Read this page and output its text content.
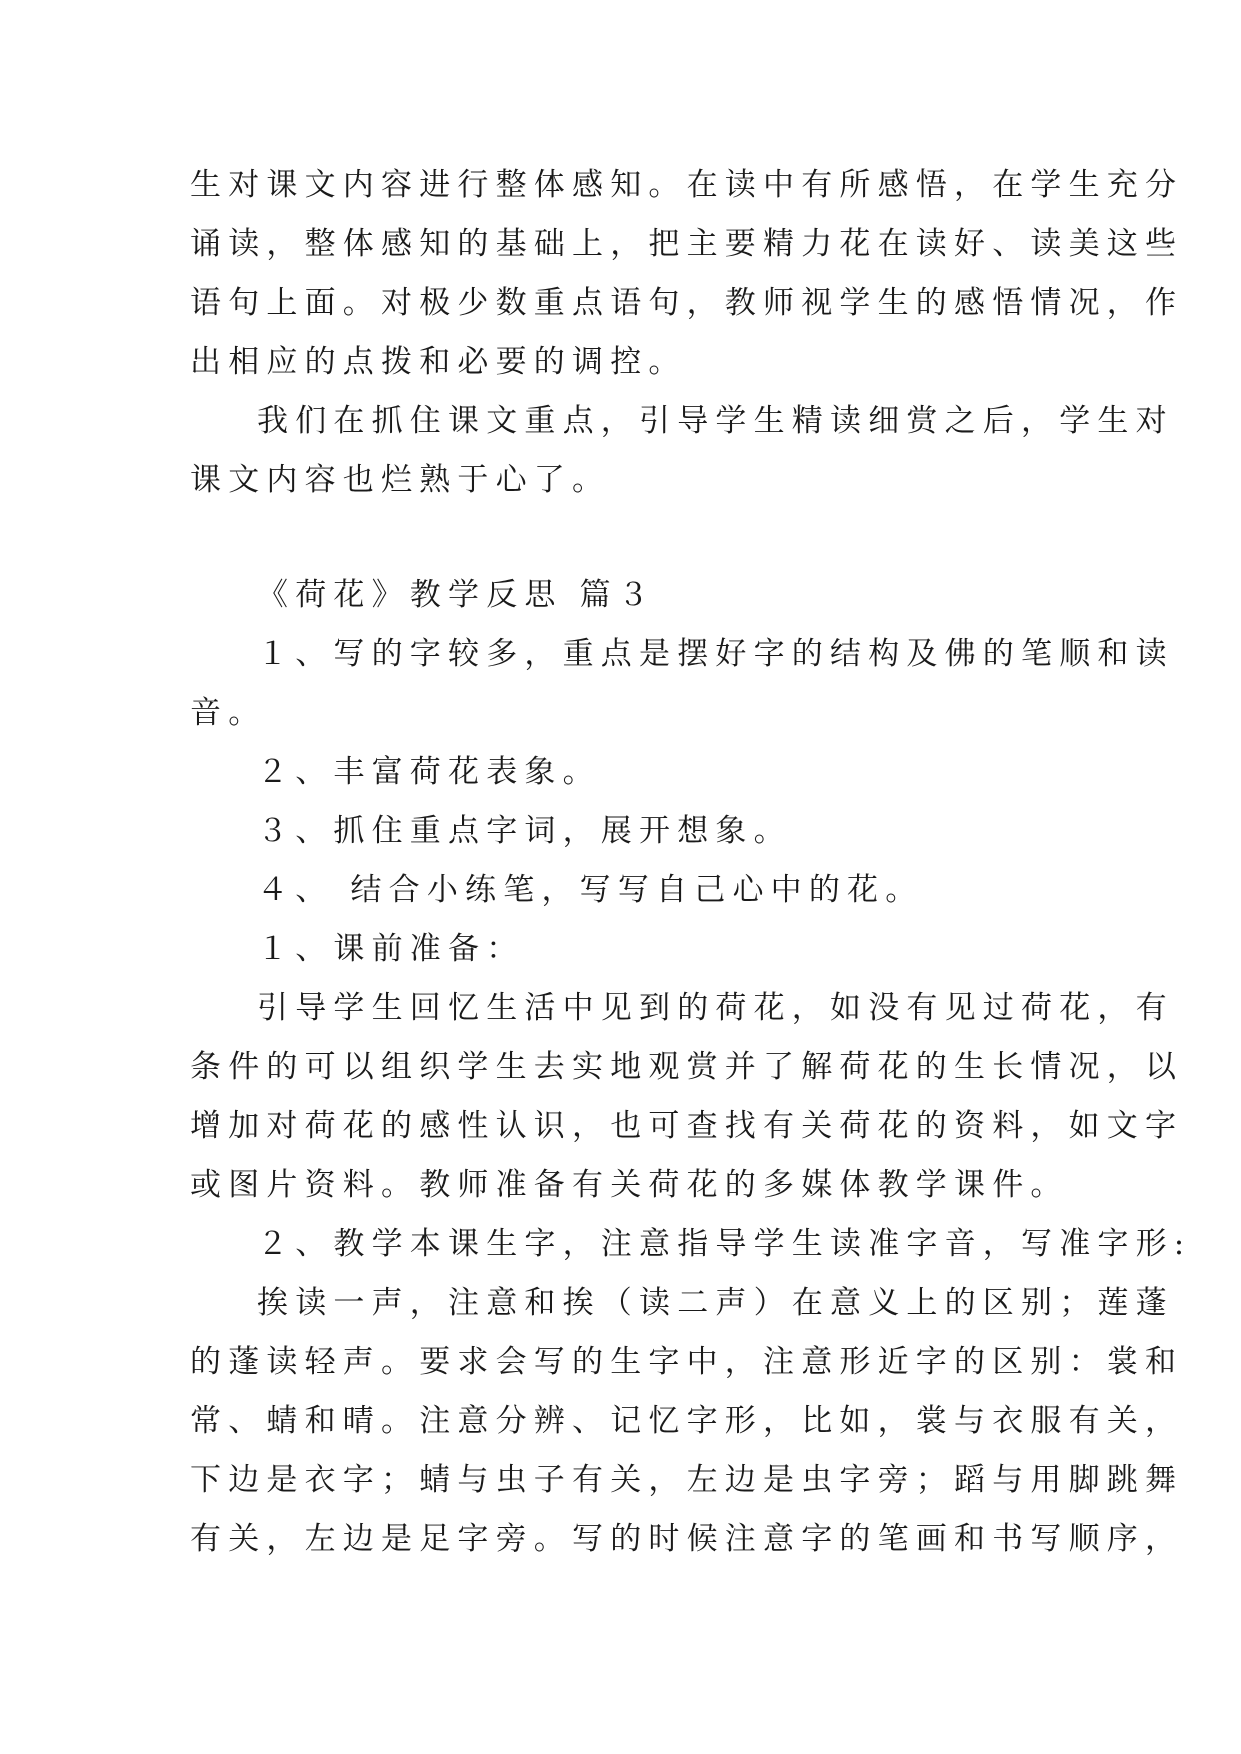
生对课文内容进行整体感知。在读中有所感悟，在学生充分
诵读，整体感知的基础上，把主要精力花在读好、读美这些
语句上面。对极少数重点语句，教师视学生的感悟情况，作
出相应的点拨和必要的调控。
我们在抓住课文重点，引导学生精读细赏之后，学生对
课文内容也烂熟于心了。
《荷花》教学反思 篇３
１、写的字较多，重点是摆好字的结构及佛的笔顺和读
音。
２、丰富荷花表象。
３、抓住重点字词，展开想象。
４、 结合小练笔，写写自己心中的花。
１、课前准备：
引导学生回忆生活中见到的荷花，如没有见过荷花，有
条件的可以组织学生去实地观赏并了解荷花的生长情况，以
增加对荷花的感性认识，也可查找有关荷花的资料，如文字
或图片资料。教师准备有关荷花的多媒体教学课件。
２、教学本课生字，注意指导学生读准字音，写准字形:
挨读一声，注意和挨（读二声）在意义上的区别；莲蓬
的蓬读轻声。要求会写的生字中，注意形近字的区别：裳和
常、蜻和晴。注意分辨、记忆字形，比如，裳与衣服有关，
下边是衣字；蜻与虫子有关，左边是虫字旁；蹈与用脚跳舞
有关，左边是足字旁。写的时候注意字的笔画和书写顺序，
